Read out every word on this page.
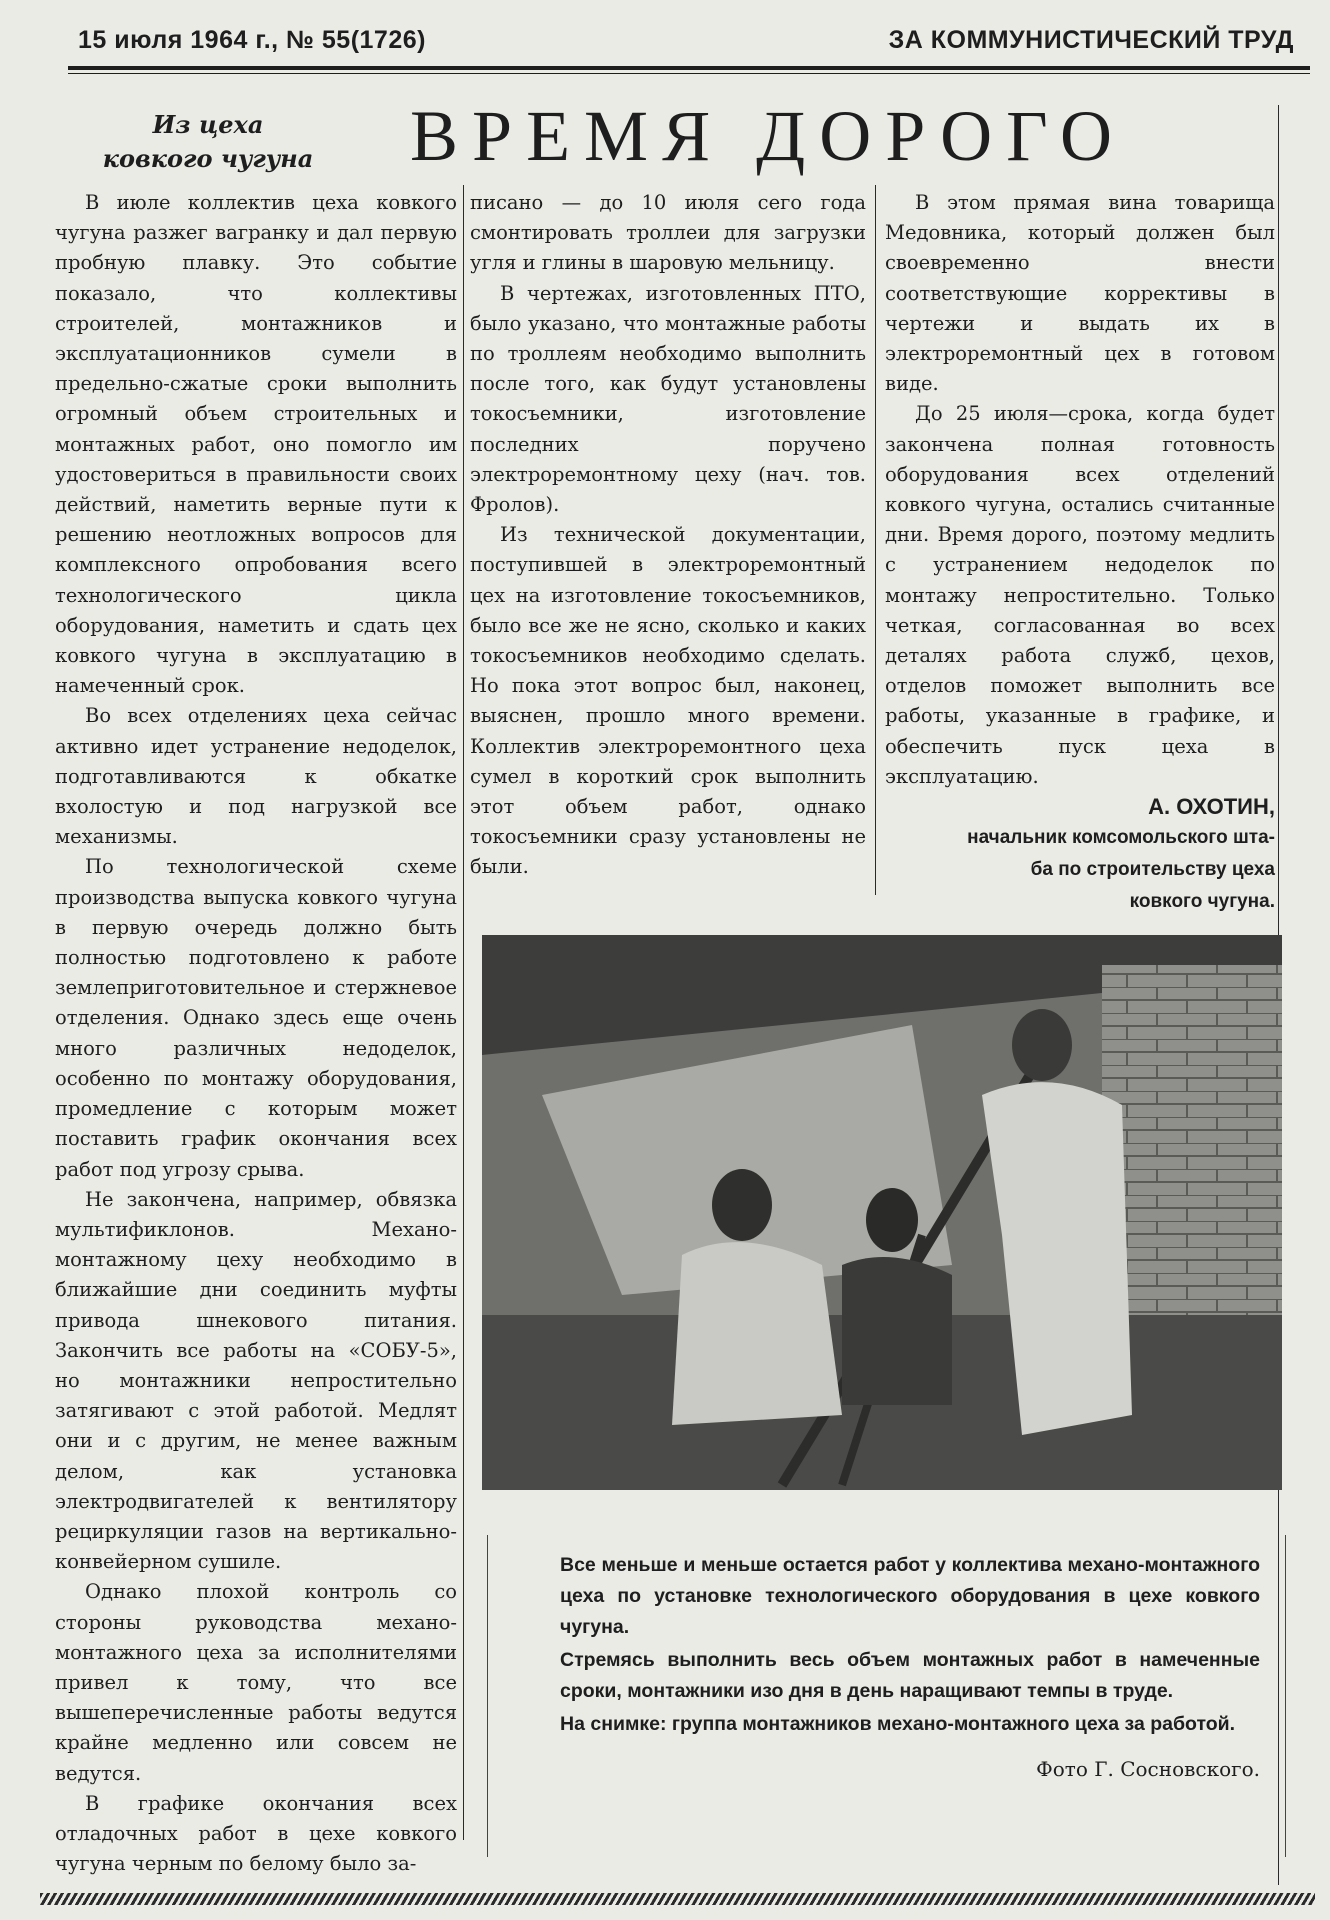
15 июля 1964 г., № 55(1726)	ЗА КОММУНИСТИЧЕСКИЙ ТРУД
Из цеха
ковкого чугуна ВРЕМЯ ДОРОГО

В июле коллектив цеха ковкого чугуна разжег вагранку и дал первую пробную плавку. Это событие показало, что коллективы строителей, монтажников и эксплуатационников сумели в предельно-сжатые сроки выполнить огромный объем строительных и монтажных работ, оно помогло им удостовериться в правильности своих действий, наметить верные пути к решению неотложных вопросов для комплексного опробования всего технологического цикла оборудования, наметить и сдать цех ковкого чугуна в эксплуатацию в намеченный срок.

Во всех отделениях цеха сейчас активно идет устранение недоделок, подготавливаются к обкатке вхолостую и под нагрузкой все механизмы.

По технологической схеме производства выпуска ковкого чугуна в первую очередь должно быть полностью подготовлено к работе землеприготовительное и стержневое отделения. Однако здесь еще очень много различных недоделок, особенно по монтажу оборудования, промедление с которым может поставить график окончания всех работ под угрозу срыва.

Не закончена, например, обвязка мультификлонов. Механо-монтажному цеху необходимо в ближайшие дни соединить муфты привода шнекового питания. Закончить все работы на «СОБУ-5», но монтажники непростительно затягивают с этой работой. Медлят они и с другим, не менее важным делом, как установка электродвигателей к вентилятору рециркуляции газов на вертикально-конвейерном сушиле.

Однако плохой контроль со стороны руководства механо-монтажного цеха за исполнителями привел к тому, что все вышеперечисленные работы ведутся крайне медленно или совсем не ведутся.

В графике окончания всех отладочных работ в цехе ковкого чугуна черным по белому было за-

писано — до 10 июля сего года смонтировать троллеи для загрузки угля и глины в шаровую мельницу.

В чертежах, изготовленных ПТО, было указано, что монтажные работы по троллеям необходимо выполнить после того, как будут установлены токосъемники, изготовление последних поручено электроремонтному цеху (нач. тов. Фролов).

Из технической документации, поступившей в электроремонтный цех на изготовление токосъемников, было все же не ясно, сколько и каких токосъемников необходимо сделать. Но пока этот вопрос был, наконец, выяснен, прошло много времени. Коллектив электроремонтного цеха сумел в короткий срок выполнить этот объем работ, однако токосъемники сразу установлены не были.

В этом прямая вина товарища Медовника, который должен был своевременно внести соответствующие коррективы в чертежи и выдать их в электроремонтный цех в готовом виде.

До 25 июля—срока, когда будет закончена полная готовность оборудования всех отделений ковкого чугуна, остались считанные дни. Время дорого, поэтому медлить с устранением недоделок по монтажу непростительно. Только четкая, согласованная во всех деталях работа служб, цехов, отделов поможет выполнить все работы, указанные в графике, и обеспечить пуск цеха в эксплуатацию.

А. ОХОТИН,

начальник комсомольского шта-
ба по строительству цеха
ковкого чугуна.

Все меньше и меньше остается работ у коллектива механо-монтажного цеха по установке технологического оборудования в цехе ковкого чугуна.

Стремясь выполнить весь объем монтажных работ в намеченные сроки, монтажники изо дня в день наращивают темпы в труде.

На снимке: группа монтажников механо-монтажного цеха за работой.

Фото Г. Сосновского.
